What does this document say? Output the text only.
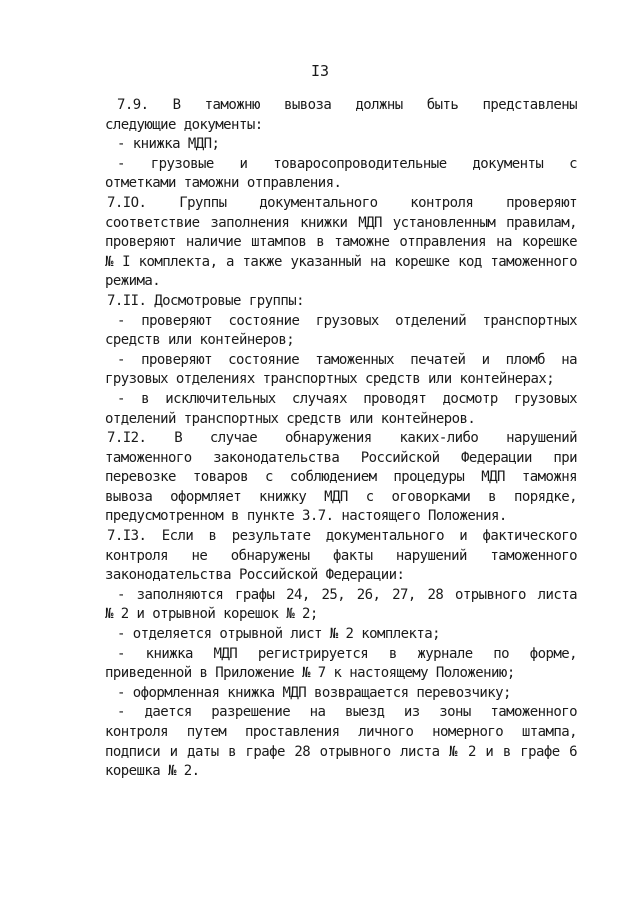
I3
7.9. В таможню вывоза должны быть представлены
следующие документы:
- книжка МДП;
- грузовые и товаросопроводительные документы с
отметками таможни отправления.
7.IO. Группы документального контроля проверяют
соответствие заполнения книжки МДП установленным правилам,
проверяют наличие штампов в таможне отправления на корешке
№ I комплекта, а также указанный на корешке код таможенного
режима.
7.II. Досмотровые группы:
- проверяют состояние грузовых отделений транспортных
средств или контейнеров;
- проверяют состояние таможенных печатей и пломб на
грузовых отделениях транспортных средств или контейнерах;
- в исключительных случаях проводят досмотр грузовых
отделений транспортных средств или контейнеров.
7.I2. В случае обнаружения каких-либо нарушений
таможенного законодательства Российской Федерации при
перевозке товаров с соблюдением процедуры МДП таможня
вывоза оформляет книжку МДП с оговорками в порядке,
предусмотренном в пункте 3.7. настоящего Положения.
7.I3. Если в результате документального и фактического
контроля не обнаружены факты нарушений таможенного
законодательства Российской Федерации:
- заполняются графы 24, 25, 26, 27, 28 отрывного листа
№ 2 и отрывной корешок № 2;
- отделяется отрывной лист № 2 комплекта;
- книжка МДП регистрируется в журнале по форме,
приведенной в Приложение № 7 к настоящему Положению;
- оформленная книжка МДП возвращается перевозчику;
- дается разрешение на выезд из зоны таможенного
контроля путем проставления личного номерного штампа,
подписи и даты в графе 28 отрывного листа № 2 и в графе 6
корешка № 2.
